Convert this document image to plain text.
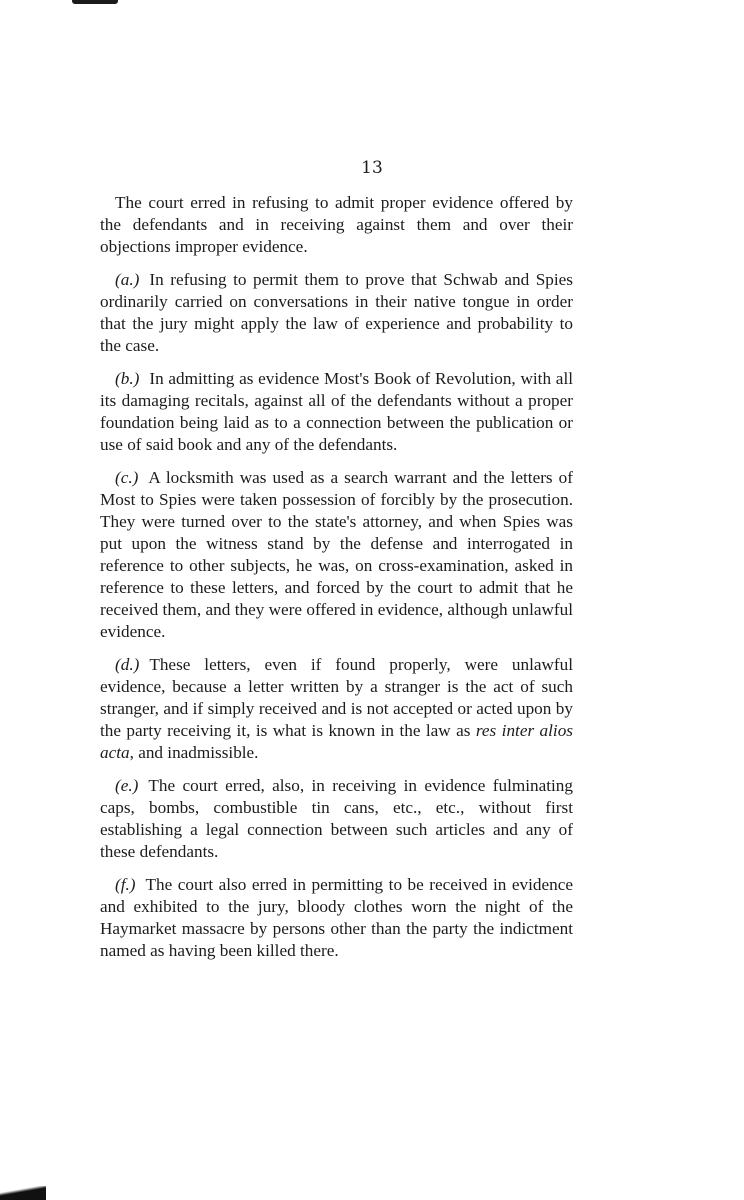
13

The court erred in refusing to admit proper evidence offered by the defendants and in receiving against them and over their objections improper evidence.

(a.) In refusing to permit them to prove that Schwab and Spies ordinarily carried on conversations in their native tongue in order that the jury might apply the law of experience and probability to the case.

(b.) In admitting as evidence Most's Book of Revolution, with all its damaging recitals, against all of the defendants without a proper foundation being laid as to a connection between the publication or use of said book and any of the defendants.

(c.) A locksmith was used as a search warrant and the letters of Most to Spies were taken possession of forcibly by the prosecution. They were turned over to the state's attorney, and when Spies was put upon the witness stand by the defense and interrogated in reference to other subjects, he was, on cross-examination, asked in reference to these letters, and forced by the court to admit that he received them, and they were offered in evidence, although unlawful evidence.

(d.) These letters, even if found properly, were unlawful evidence, because a letter written by a stranger is the act of such stranger, and if simply received and is not accepted or acted upon by the party receiving it, is what is known in the law as res inter alios acta, and inadmissible.

(e.) The court erred, also, in receiving in evidence fulminating caps, bombs, combustible tin cans, etc., etc., without first establishing a legal connection between such articles and any of these defendants.

(f.) The court also erred in permitting to be received in evidence and exhibited to the jury, bloody clothes worn the night of the Haymarket massacre by persons other than the party the indictment named as having been killed there.
